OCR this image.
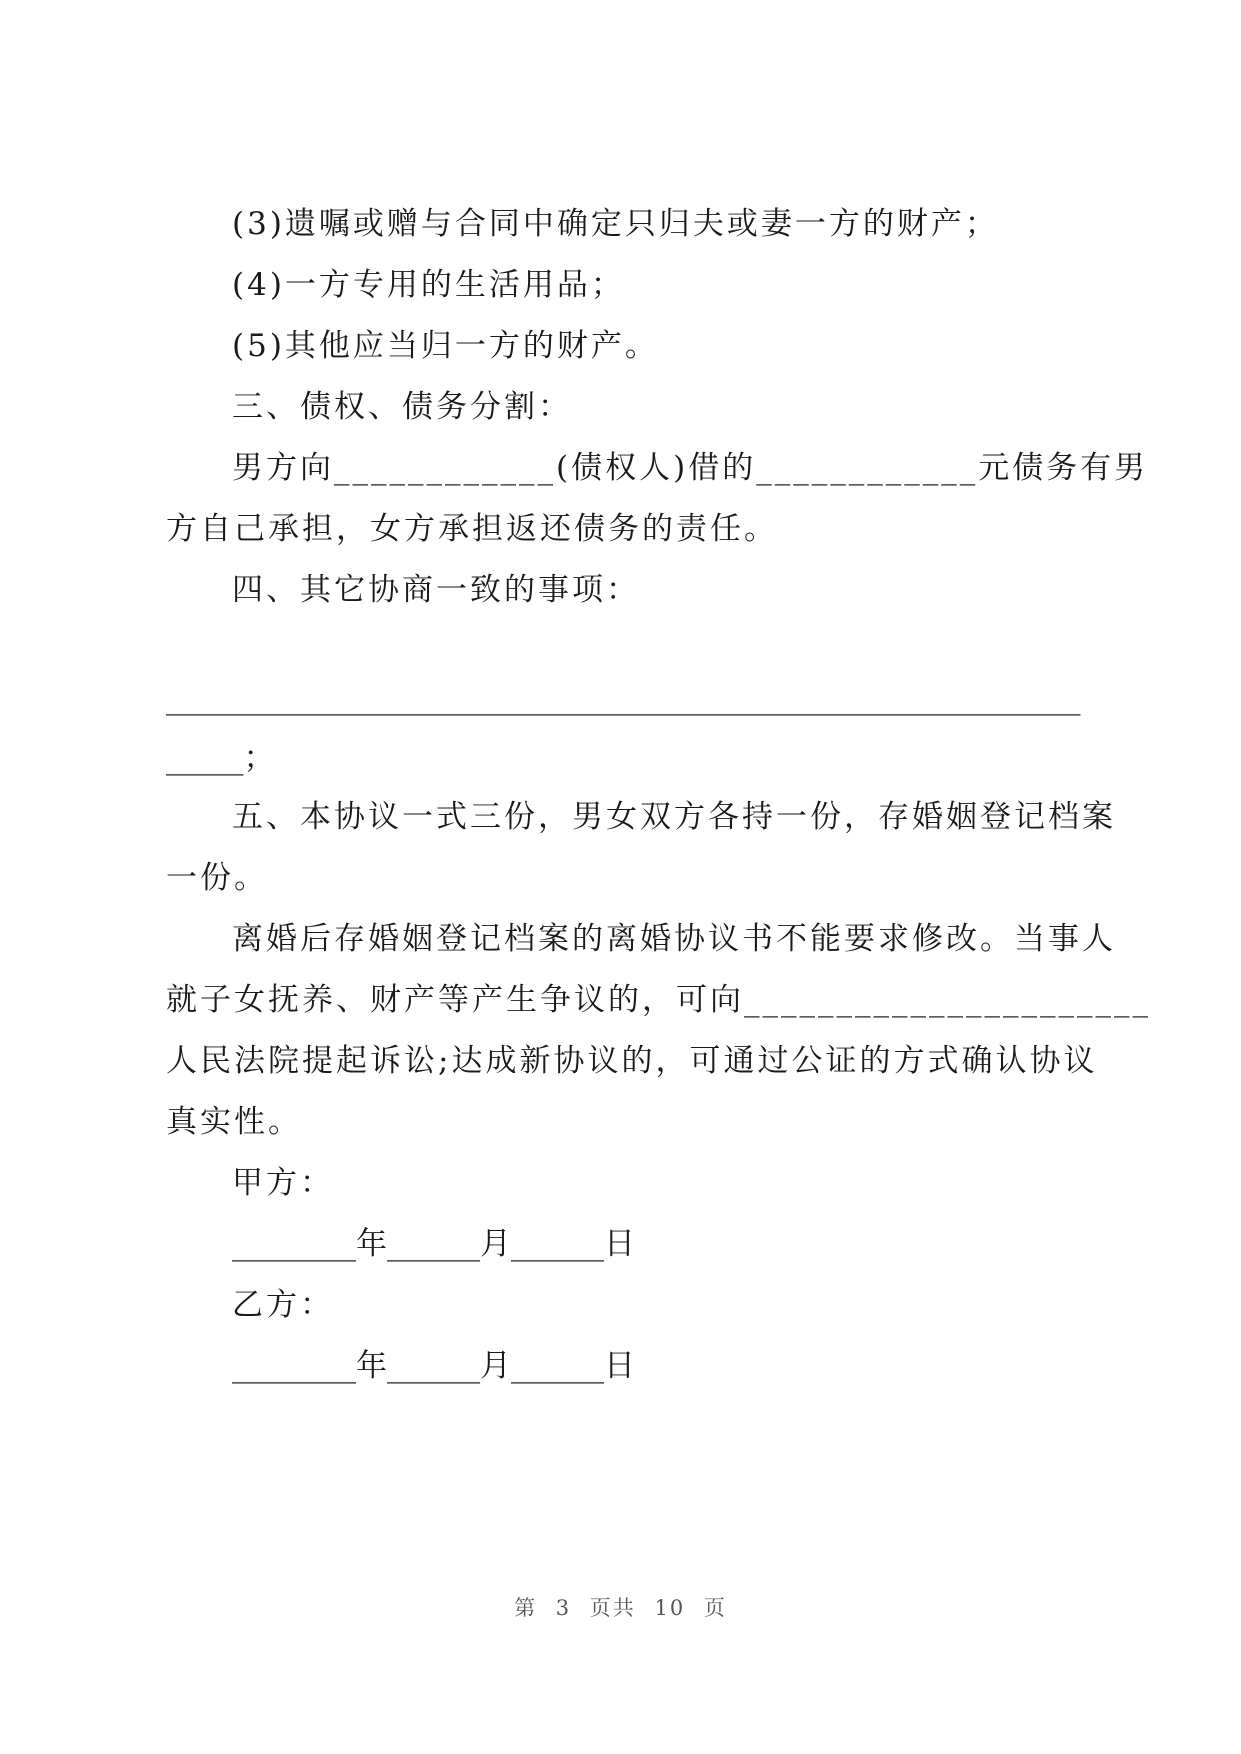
(3)遗嘱或赠与合同中确定只归夫或妻一方的财产；
(4)一方专用的生活用品；
(5)其他应当归一方的财产。
三、债权、债务分割：
男方向____________(债权人)借的____________元债务有男
方自己承担，女方承担返还债务的责任。
四、其它协商一致的事项：
___________________________________________________________
_____；
五、本协议一式三份，男女双方各持一份，存婚姻登记档案
一份。
离婚后存婚姻登记档案的离婚协议书不能要求修改。当事人
就子女抚养、财产等产生争议的，可向______________________
人民法院提起诉讼;达成新协议的，可通过公证的方式确认协议
真实性。
甲方：
________年______月______日
乙方：
________年______月______日
第 3 页共 10 页
